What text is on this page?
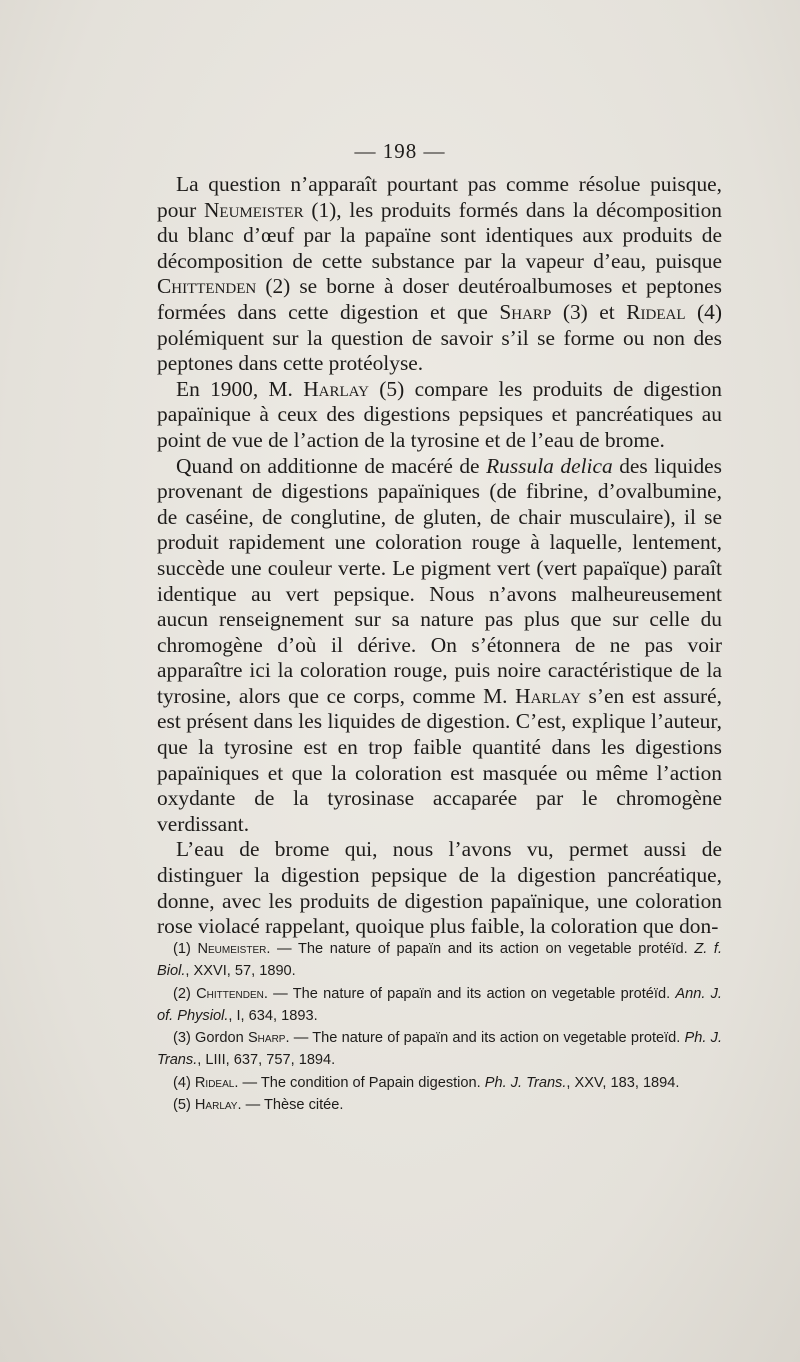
— 198 —

La question n’apparaît pourtant pas comme résolue puisque, pour Neumeister (1), les produits formés dans la décomposition du blanc d’œuf par la papaïne sont identiques aux produits de décomposition de cette substance par la vapeur d’eau, puisque Chittenden (2) se borne à doser deutéroalbumoses et peptones formées dans cette digestion et que Sharp (3) et Rideal (4) polémiquent sur la question de savoir s’il se forme ou non des peptones dans cette protéolyse.

En 1900, M. Harlay (5) compare les produits de digestion papaïnique à ceux des digestions pepsiques et pancréatiques au point de vue de l’action de la tyrosine et de l’eau de brome.

Quand on additionne de macéré de Russula delica des liquides provenant de digestions papaïniques (de fibrine, d’ovalbumine, de caséine, de conglutine, de gluten, de chair musculaire), il se produit rapidement une coloration rouge à laquelle, lentement, succède une couleur verte. Le pigment vert (vert papaïque) paraît identique au vert pepsique. Nous n’avons malheureusement aucun renseignement sur sa nature pas plus que sur celle du chromogène d’où il dérive. On s’étonnera de ne pas voir apparaître ici la coloration rouge, puis noire caractéristique de la tyrosine, alors que ce corps, comme M. Harlay s’en est assuré, est présent dans les liquides de digestion. C’est, explique l’auteur, que la tyrosine est en trop faible quantité dans les digestions papaïniques et que la coloration est masquée ou même l’action oxydante de la tyrosinase accaparée par le chromogène verdissant.

L’eau de brome qui, nous l’avons vu, permet aussi de distinguer la digestion pepsique de la digestion pancréatique, donne, avec les produits de digestion papaïnique, une coloration rose violacé rappelant, quoique plus faible, la coloration que don-

(1) Neumeister. — The nature of papaïn and its action on vegetable protéïd. Z. f. Biol., XXVI, 57, 1890.

(2) Chittenden. — The nature of papaïn and its action on vegetable protéïd. Ann. J. of. Physiol., I, 634, 1893.

(3) Gordon Sharp. — The nature of papaïn and its action on vegetable proteïd. Ph. J. Trans., LIII, 637, 757, 1894.

(4) Rideal. — The condition of Papain digestion. Ph. J. Trans., XXV, 183, 1894.

(5) Harlay. — Thèse citée.
